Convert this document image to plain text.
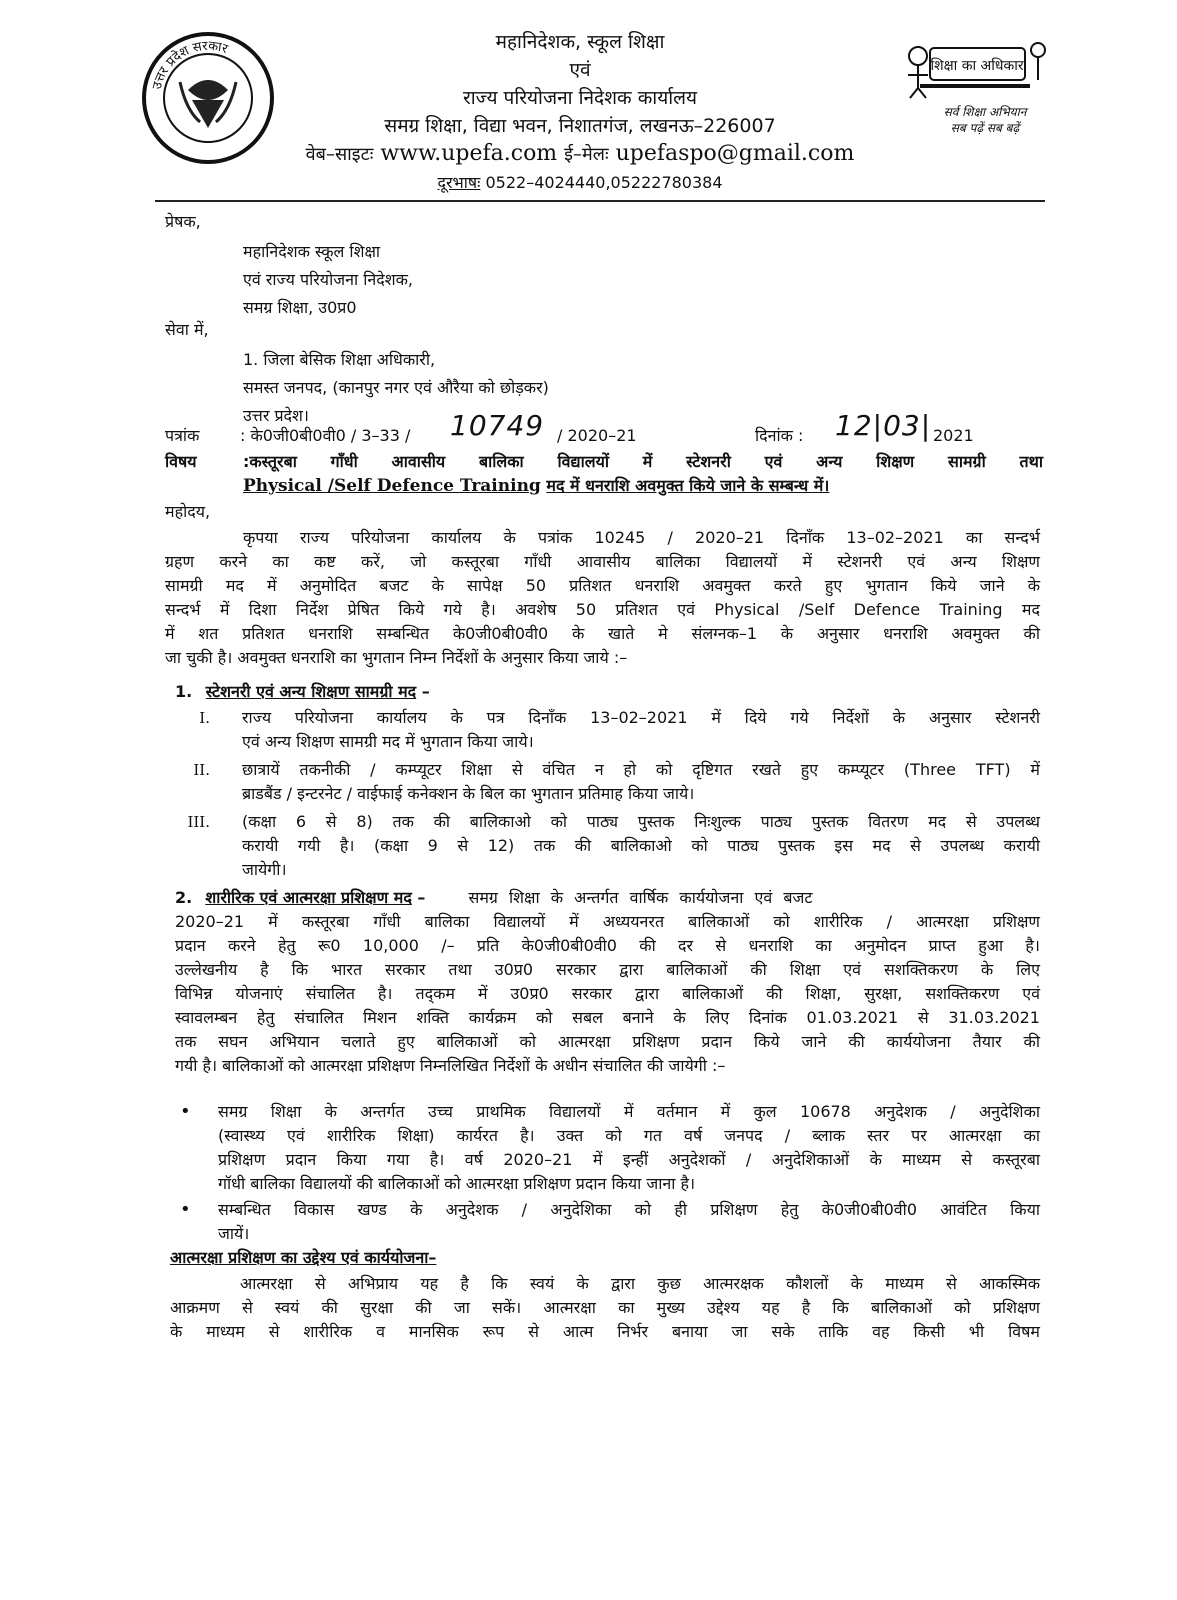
उत्तर प्रदेश सरकार	महानिदेशक, स्कूल शिक्षा
एवं
राज्य परियोजना निदेशक कार्यालय
समग्र शिक्षा, विद्या भवन, निशातगंज, लखनऊ–226007
वेब–साइटः www.upefa.com ई–मेलः upefaspo@gmail.com
दूरभाषः 0522–4024440,05222780384
शिक्षा का अधिकार
सर्व शिक्षा अभियान
सब पढ़ें सब बढ़ें
प्रेषक,
महानिदेशक स्कूल शिक्षा
एवं राज्य परियोजना निदेशक,
समग्र शिक्षा, उ0प्र0
सेवा में,
1. जिला बेसिक शिक्षा अधिकारी,
समस्त जनपद, (कानपुर नगर एवं औरैया को छोड़कर)
उत्तर प्रदेश।
पत्रांक	: के0जी0बी0वी0 / 3–33 / 10749 / 2020–21	दिनांक : 12|03| 2021
विषय	:कस्तूरबा गाँधी आवासीय बालिका विद्यालयों में स्टेशनरी एवं अन्य शिक्षण सामग्री तथा
Physical /Self Defence Training मद में धनराशि अवमुक्त किये जाने के सम्बन्ध में।
महोदय,
कृपया राज्य परियोजना कार्यालय के पत्रांक 10245 / 2020–21 दिनाँक 13–02–2021 का सन्दर्भ
ग्रहण करने का कष्ट करें, जो कस्तूरबा गाँधी आवासीय बालिका विद्यालयों में स्टेशनरी एवं अन्य शिक्षण
सामग्री मद में अनुमोदित बजट के सापेक्ष 50 प्रतिशत धनराशि अवमुक्त करते हुए भुगतान किये जाने के
सन्दर्भ में दिशा निर्देश प्रेषित किये गये है। अवशेष 50 प्रतिशत एवं Physical /Self Defence Training मद
में शत प्रतिशत धनराशि सम्बन्धित के0जी0बी0वी0 के खाते मे संलग्नक–1 के अनुसार धनराशि अवमुक्त की
जा चुकी है। अवमुक्त धनराशि का भुगतान निम्न निर्देशों के अनुसार किया जाये :–
1. स्टेशनरी एवं अन्य शिक्षण सामग्री मद –
I. राज्य परियोजना कार्यालय के पत्र दिनाँक 13–02–2021 में दिये गये निर्देशों के अनुसार स्टेशनरी
एवं अन्य शिक्षण सामग्री मद में भुगतान किया जाये।
II. छात्रायें तकनीकी / कम्प्यूटर शिक्षा से वंचित न हो को दृष्टिगत रखते हुए कम्प्यूटर (Three TFT) में
ब्राडबैंड / इन्टरनेट / वाईफाई कनेक्शन के बिल का भुगतान प्रतिमाह किया जाये।
III. (कक्षा 6 से 8) तक की बालिकाओ को पाठ्य पुस्तक निःशुल्क पाठ्य पुस्तक वितरण मद से उपलब्ध
करायी गयी है। (कक्षा 9 से 12) तक की बालिकाओ को पाठ्य पुस्तक इस मद से उपलब्ध करायी
जायेगी।
2. शारीरिक एवं आत्मरक्षा प्रशिक्षण मद –	समग्र शिक्षा के अन्तर्गत वार्षिक कार्ययोजना एवं बजट
2020–21 में कस्तूरबा गाँधी बालिका विद्यालयों में अध्ययनरत बालिकाओं को शारीरिक / आत्मरक्षा प्रशिक्षण
प्रदान करने हेतु रू0 10,000 /– प्रति के0जी0बी0वी0 की दर से धनराशि का अनुमोदन प्राप्त हुआ है।
उल्लेखनीय है कि भारत सरकार तथा उ0प्र0 सरकार द्वारा बालिकाओं की शिक्षा एवं सशक्तिकरण के लिए
विभिन्न योजनाएं संचालित है। तद्कम में उ0प्र0 सरकार द्वारा बालिकाओं की शिक्षा, सुरक्षा, सशक्तिकरण एवं
स्वावलम्बन हेतु संचालित मिशन शक्ति कार्यक्रम को सबल बनाने के लिए दिनांक 01.03.2021 से 31.03.2021
तक सघन अभियान चलाते हुए बालिकाओं को आत्मरक्षा प्रशिक्षण प्रदान किये जाने की कार्ययोजना तैयार की
गयी है। बालिकाओं को आत्मरक्षा प्रशिक्षण निम्नलिखित निर्देशों के अधीन संचालित की जायेगी :–
• समग्र शिक्षा के अन्तर्गत उच्च प्राथमिक विद्यालयों में वर्तमान में कुल 10678 अनुदेशक / अनुदेशिका
(स्वास्थ्य एवं शारीरिक शिक्षा) कार्यरत है। उक्त को गत वर्ष जनपद / ब्लाक स्तर पर आत्मरक्षा का
प्रशिक्षण प्रदान किया गया है। वर्ष 2020–21 में इन्हीं अनुदेशकों / अनुदेशिकाओं के माध्यम से कस्तूरबा
गॉधी बालिका विद्यालयों की बालिकाओं को आत्मरक्षा प्रशिक्षण प्रदान किया जाना है।
• सम्बन्धित विकास खण्ड के अनुदेशक / अनुदेशिका को ही प्रशिक्षण हेतु के0जी0बी0वी0 आवंटित किया
जायें।
आत्मरक्षा प्रशिक्षण का उद्देश्य एवं कार्ययोजना–
आत्मरक्षा से अभिप्राय यह है कि स्वयं के द्वारा कुछ आत्मरक्षक कौशलों के माध्यम से आकस्मिक
आक्रमण से स्वयं की सुरक्षा की जा सकें। आत्मरक्षा का मुख्य उद्देश्य यह है कि बालिकाओं को प्रशिक्षण
के माध्यम से शारीरिक व मानसिक रूप से आत्म निर्भर बनाया जा सके ताकि वह किसी भी विषम
